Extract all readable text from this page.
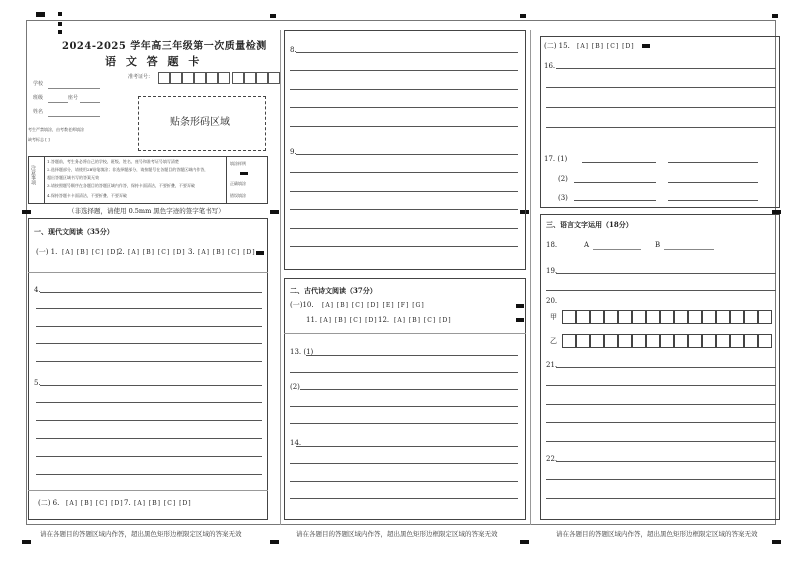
2024-2025 学年高三年级第一次质量检测
语 文 答 题 卡
准考证号：
学校
班级	座号
姓名
考生严禁填涂，由考教老师填涂
缺考标志 [ ]
贴条形码区域
注意事项
1.答题前，考生务必将自己的学校、班级、姓名、座号和准考证号填写清楚
2.选择题部分，请使用2B铅笔填涂；非选择题部分，请按题号在各题目的答题区域内作答，
超出答题区域书写的答案无效
3.请按照题号顺序在各题目的答题区域内作答，保持卡面清洁，不要折叠，不要弄破
4.保持答题卡卡面清洁，不要折叠、不要弄破
填涂样例
正确填涂
错误填涂
（非选择题，请使用 0.5mm 黑色字迹的签字笔书写）
一、现代文阅读（35分）
(一) 1. [A] [B] [C] [D]
2. [A] [B] [C] [D] 3. [A] [B] [C] [D]
4.
5.
(二) 6. [A] [B] [C] [D] 7. [A] [B] [C] [D]
请在各题目的答题区域内作答，超出黑色矩形边框限定区域的答案无效
8.
9.
二、古代诗文阅读（37分）
(一)10. [A] [B] [C] [D] [E] [F] [G]
11. [A] [B] [C] [D] 12. [A] [B] [C] [D]
13. (1)
(2)
14.
请在各题目的答题区域内作答，超出黑色矩形边框限定区域的答案无效
(二) 15. [A] [B] [C] [D]
16.
17. (1)
(2)
(3)
三、语言文字运用（18分）
18.	A	B
19.
20.
甲
乙
21.
22.
请在各题目的答题区域内作答，超出黑色矩形边框限定区域的答案无效
